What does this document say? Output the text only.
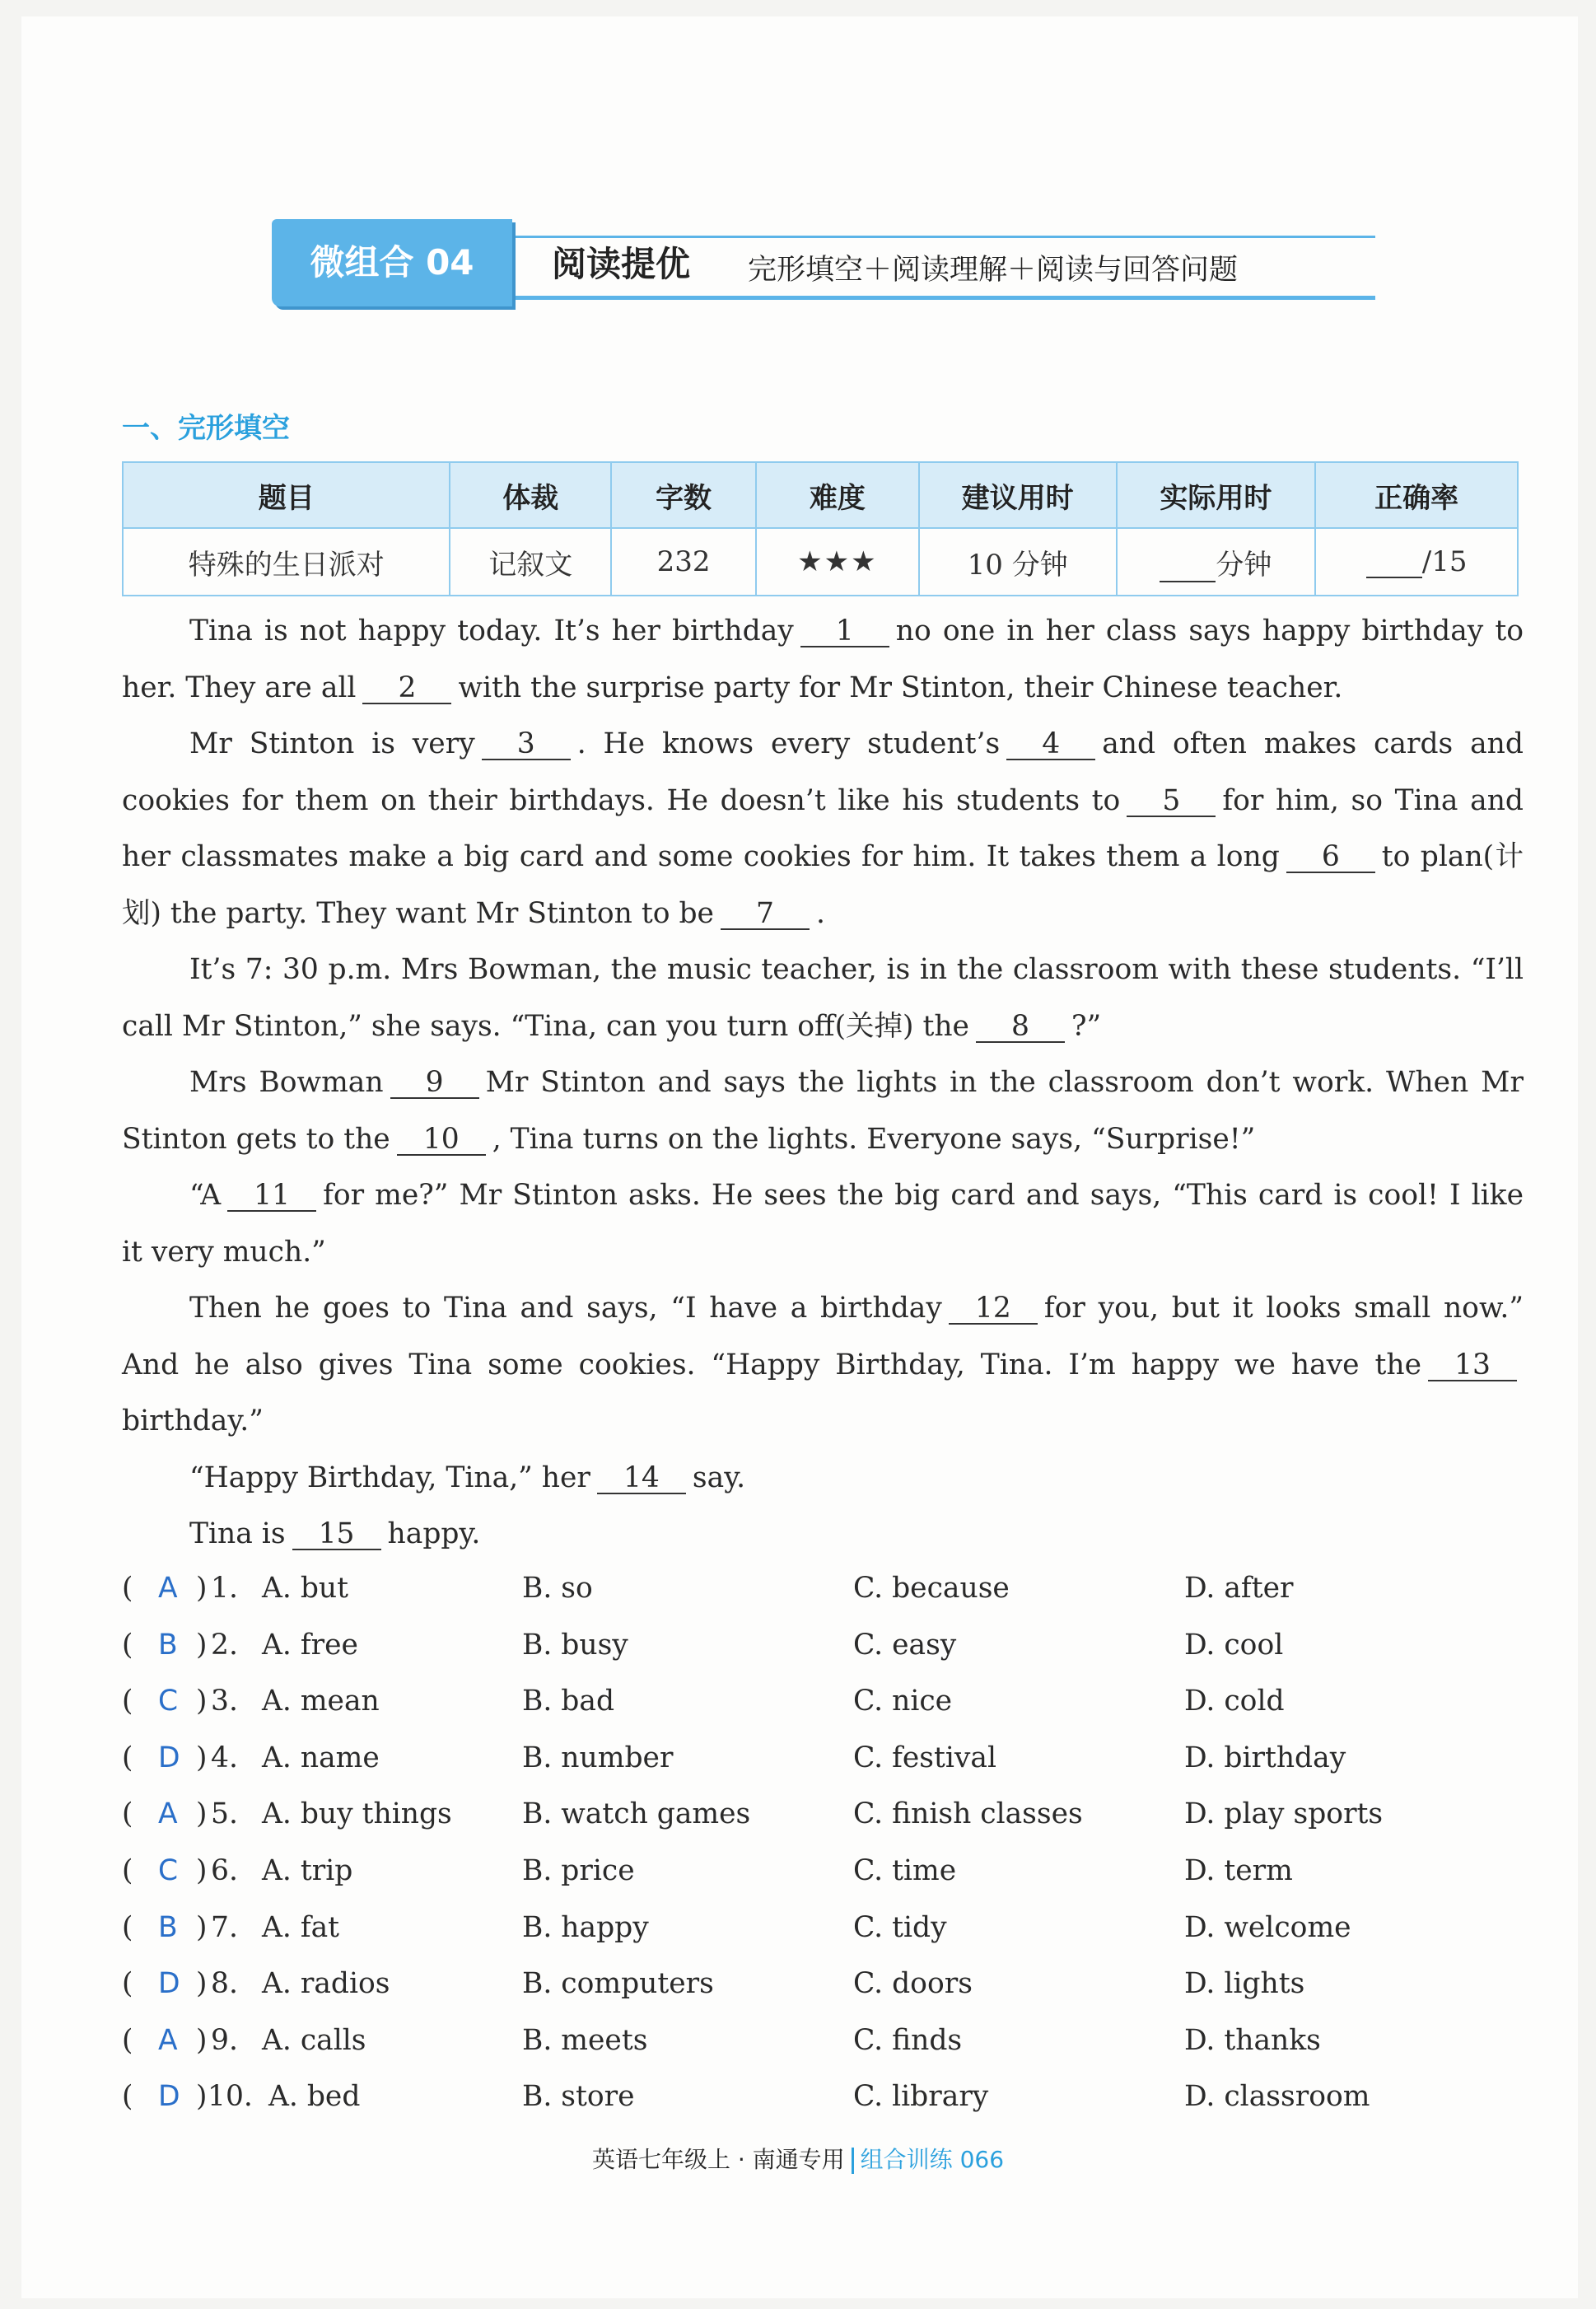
微组合 04	阅读提优 完形填空＋阅读理解＋阅读与回答问题
一、完形填空
题目	体裁	字数	难度	建议用时	实际用时	正确率
特殊的生日派对	记叙文	232	★★★	10 分钟	分钟	/15

Tina is not happy today. It’s her birthday 1 no one in her class says happy birthday to her. They are all 2 with the surprise party for Mr Stinton, their Chinese teacher.

Mr Stinton is very 3 . He knows every student’s 4 and often makes cards and cookies for them on their birthdays. He doesn’t like his students to 5 for him, so Tina and her classmates make a big card and some cookies for him. It takes them a long 6 to plan(计划) the party. They want Mr Stinton to be 7 .

It’s 7: 30 p.m. Mrs Bowman, the music teacher, is in the classroom with these students. “I’ll call Mr Stinton,” she says. “Tina, can you turn off(关掉) the 8 ?”

Mrs Bowman 9 Mr Stinton and says the lights in the classroom don’t work. When Mr Stinton gets to the 10 , Tina turns on the lights. Everyone says, “Surprise!”

“A 11 for me?” Mr Stinton asks. He sees the big card and says, “This card is cool! I like it very much.”

Then he goes to Tina and says, “I have a birthday 12 for you, but it looks small now.” And he also gives Tina some cookies. “Happy Birthday, Tina. I’m happy we have the 13birthday.”

“Happy Birthday, Tina,” her 14 say.

Tina is 15 happy.

( A ) 1. A. but	B. so	C. because	D. after
( B ) 2. A. free	B. busy	C. easy	D. cool
( C ) 3. A. mean	B. bad	C. nice	D. cold
( D ) 4. A. name	B. number	C. festival	D. birthday
( A ) 5. A. buy things B. watch games	C. finish classes	D. play sports
( C ) 6. A. trip	B. price	C. time	D. term
( B ) 7. A. fat	B. happy	C. tidy	D. welcome
( D ) 8. A. radios	B. computers	C. doors	D. lights
( A ) 9. A. calls	B. meets	C. finds	D. thanks
( D ) 10. A. bed	B. store	C. library	D. classroom
英语七年级上 · 南通专用 组合训练 066
